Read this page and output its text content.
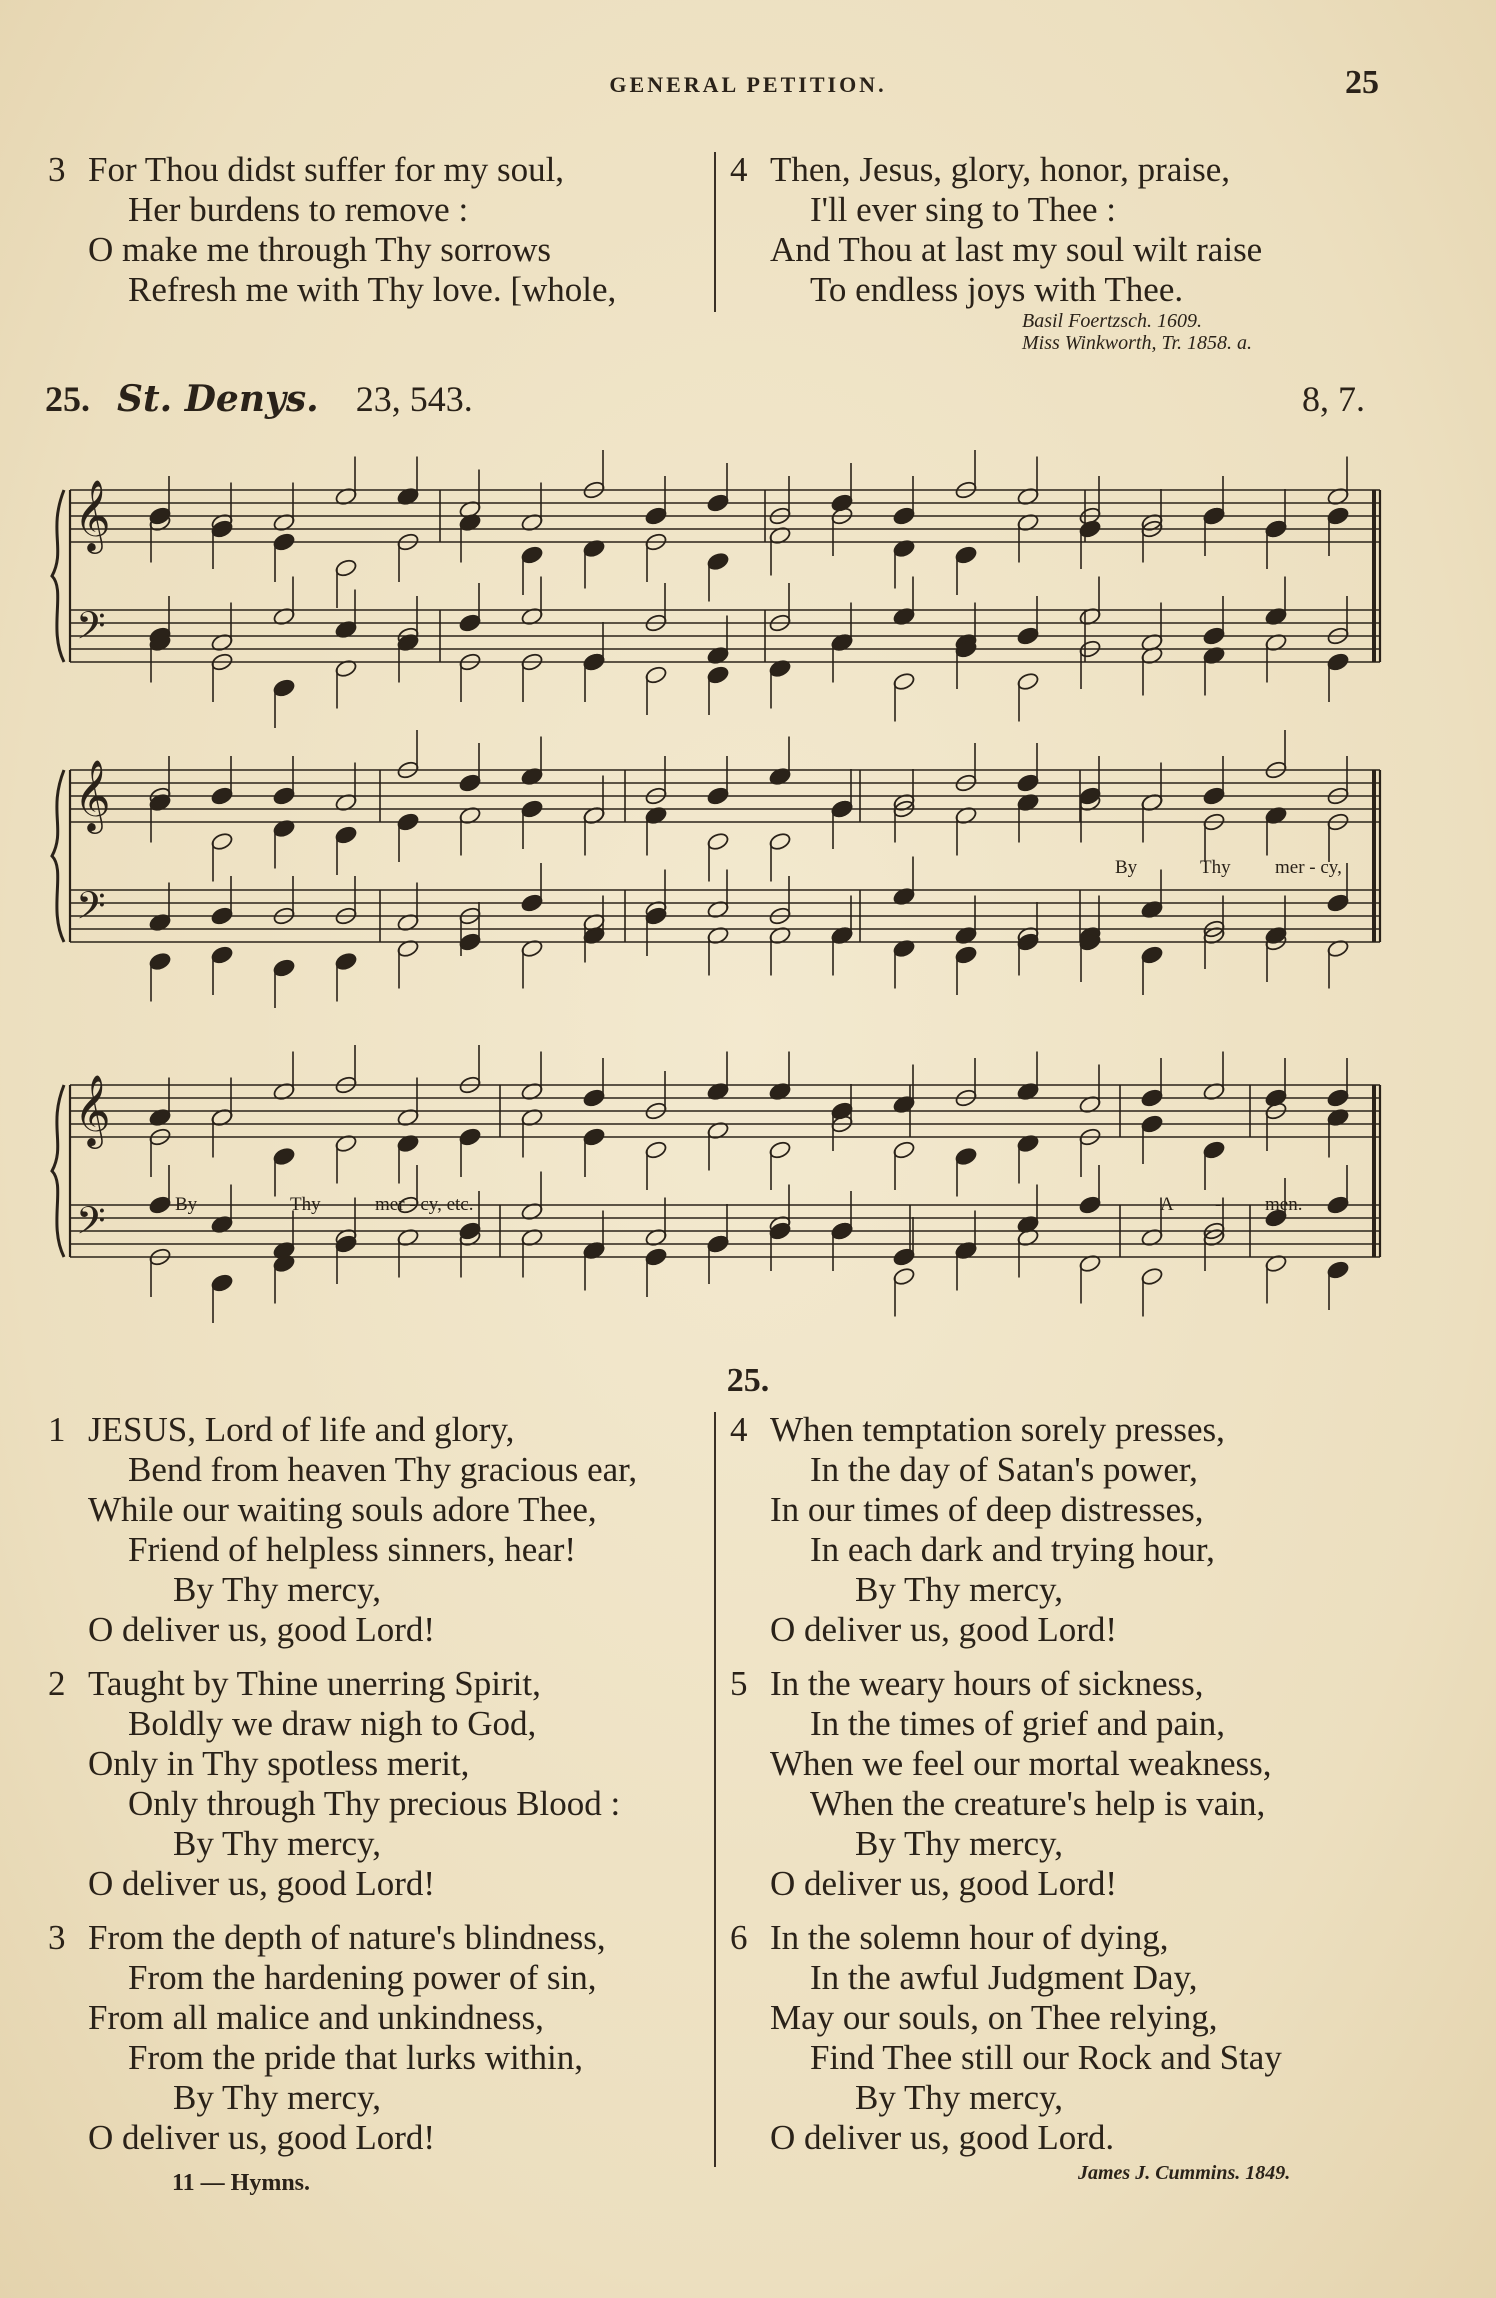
GENERAL PETITION.	25
3 For Thou didst suffer for my soul,
Her burdens to remove :
O make me through Thy sorrows
Refresh me with Thy love. [whole,
4 Then, Jesus, glory, honor, praise,
I'll ever sing to Thee :
And Thou at last my soul wilt raise
To endless joys with Thee.
Basil Foertzsch. 1609.
Miss Winkworth, Tr. 1858. a.
25. St. Denys. 23, 543.	8, 7.
𝄞
𝄢
𝄞
𝄢
𝄞
𝄢
By	Thy mer - cy,
By	Thy	mer - cy, etc.	A - men.
25.
1 JESUS, Lord of life and glory,
Bend from heaven Thy gracious ear,
While our waiting souls adore Thee,
Friend of helpless sinners, hear!
By Thy mercy,
O deliver us, good Lord!
2 Taught by Thine unerring Spirit,
Boldly we draw nigh to God,
Only in Thy spotless merit,
Only through Thy precious Blood :
By Thy mercy,
O deliver us, good Lord!
3 From the depth of nature's blindness,
From the hardening power of sin,
From all malice and unkindness,
From the pride that lurks within,
By Thy mercy,
O deliver us, good Lord!
4 When temptation sorely presses,
In the day of Satan's power,
In our times of deep distresses,
In each dark and trying hour,
By Thy mercy,
O deliver us, good Lord!
5 In the weary hours of sickness,
In the times of grief and pain,
When we feel our mortal weakness,
When the creature's help is vain,
By Thy mercy,
O deliver us, good Lord!
6 In the solemn hour of dying,
In the awful Judgment Day,
May our souls, on Thee relying,
Find Thee still our Rock and Stay
By Thy mercy,
O deliver us, good Lord.
11 — Hymns.	James J. Cummins. 1849.
